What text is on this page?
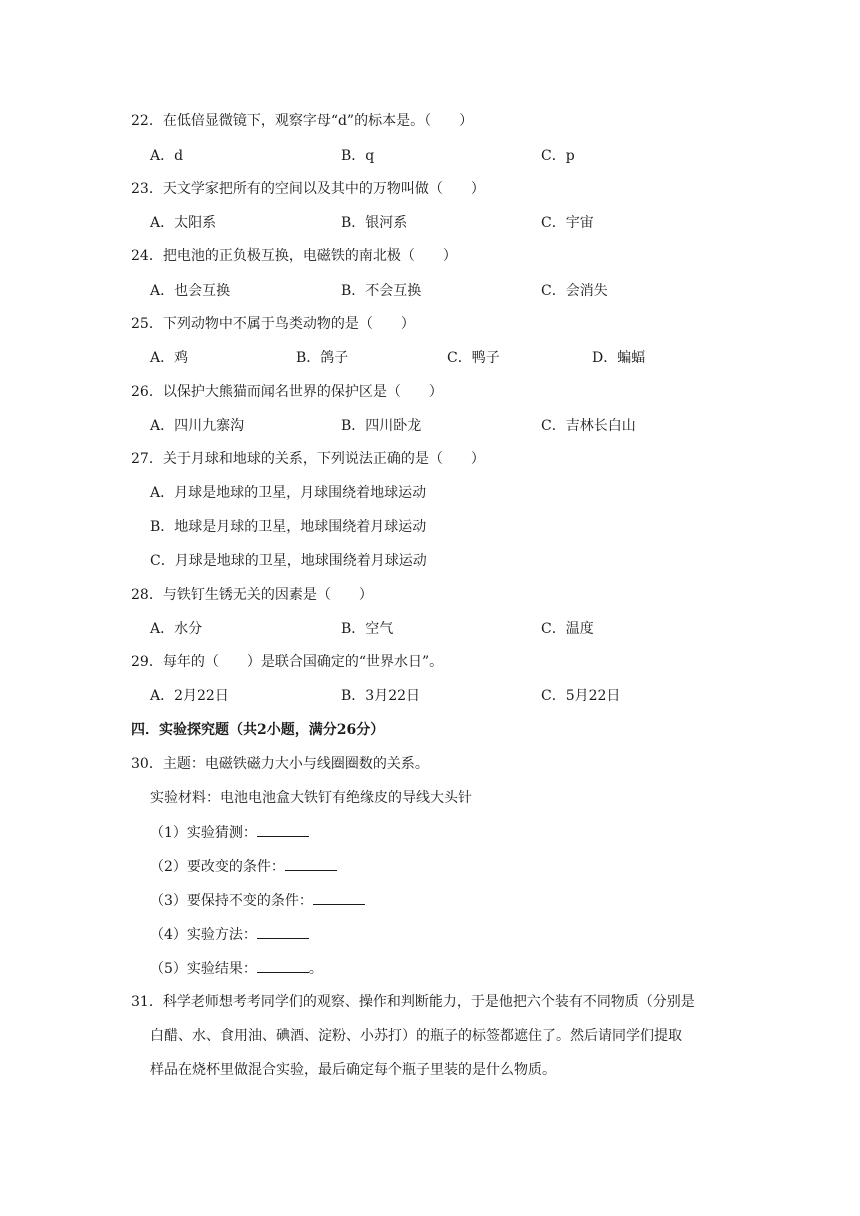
22．在低倍显微镜下，观察字母“d”的标本是。（　　）
A．d	B．q	C．p
23．天文学家把所有的空间以及其中的万物叫做（　　）
A．太阳系	B．银河系	C．宇宙
24．把电池的正负极互换，电磁铁的南北极（　　）
A．也会互换	B．不会互换	C．会消失
25．下列动物中不属于鸟类动物的是（　　）
A．鸡	B．鸽子	C．鸭子	D．蝙蝠
26．以保护大熊猫而闻名世界的保护区是（　　）
A．四川九寨沟	B．四川卧龙	C．吉林长白山
27．关于月球和地球的关系，下列说法正确的是（　　）
A．月球是地球的卫星，月球围绕着地球运动
B．地球是月球的卫星，地球围绕着月球运动
C．月球是地球的卫星，地球围绕着月球运动
28．与铁钉生锈无关的因素是（　　）
A．水分	B．空气	C．温度
29．每年的（　　）是联合国确定的“世界水日”。
A．2月22日	B．3月22日	C．5月22日
四．实验探究题（共2小题，满分26分）
30．主题：电磁铁磁力大小与线圈圈数的关系。
实验材料：电池电池盒大铁钉有绝缘皮的导线大头针
（1）实验猜测：
（2）要改变的条件：
（3）要保持不变的条件：
（4）实验方法：
（5）实验结果：	。
31．科学老师想考考同学们的观察、操作和判断能力，于是他把六个装有不同物质（分别是
白醋、水、食用油、碘酒、淀粉、小苏打）的瓶子的标签都遮住了。然后请同学们提取
样品在烧杯里做混合实验，最后确定每个瓶子里装的是什么物质。
